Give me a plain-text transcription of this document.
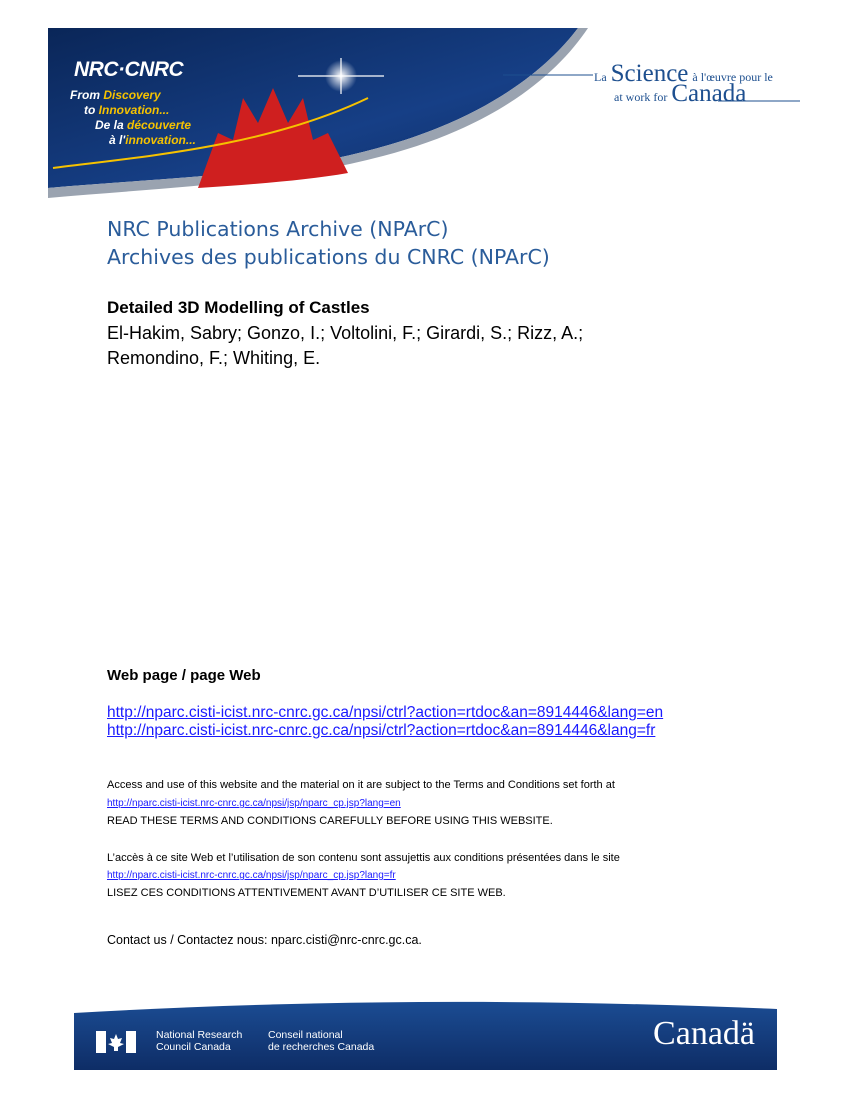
NRC·CNRC
From Discovery
to Innovation...
De la découverte
à l'innovation...
La Science à l'œuvre pour le
at work for Canada
NRC Publications Archive (NPArC)
Archives des publications du CNRC (NPArC)
Detailed 3D Modelling of Castles
El-Hakim, Sabry; Gonzo, I.; Voltolini, F.; Girardi, S.; Rizz, A.;
Remondino, F.; Whiting, E.
Web page / page Web
http://nparc.cisti-icist.nrc-cnrc.gc.ca/npsi/ctrl?action=rtdoc&an=8914446&lang=en
http://nparc.cisti-icist.nrc-cnrc.gc.ca/npsi/ctrl?action=rtdoc&an=8914446&lang=fr
Access and use of this website and the material on it are subject to the Terms and Conditions set forth at
http://nparc.cisti-icist.nrc-cnrc.gc.ca/npsi/jsp/nparc_cp.jsp?lang=en
READ THESE TERMS AND CONDITIONS CAREFULLY BEFORE USING THIS WEBSITE.
L’accès à ce site Web et l’utilisation de son contenu sont assujettis aux conditions présentées dans le site
http://nparc.cisti-icist.nrc-cnrc.gc.ca/npsi/jsp/nparc_cp.jsp?lang=fr
LISEZ CES CONDITIONS ATTENTIVEMENT AVANT D’UTILISER CE SITE WEB.
Contact us / Contactez nous: nparc.cisti@nrc-cnrc.gc.ca.
National Research
Council Canada
Conseil national
de recherches Canada	Canadä
